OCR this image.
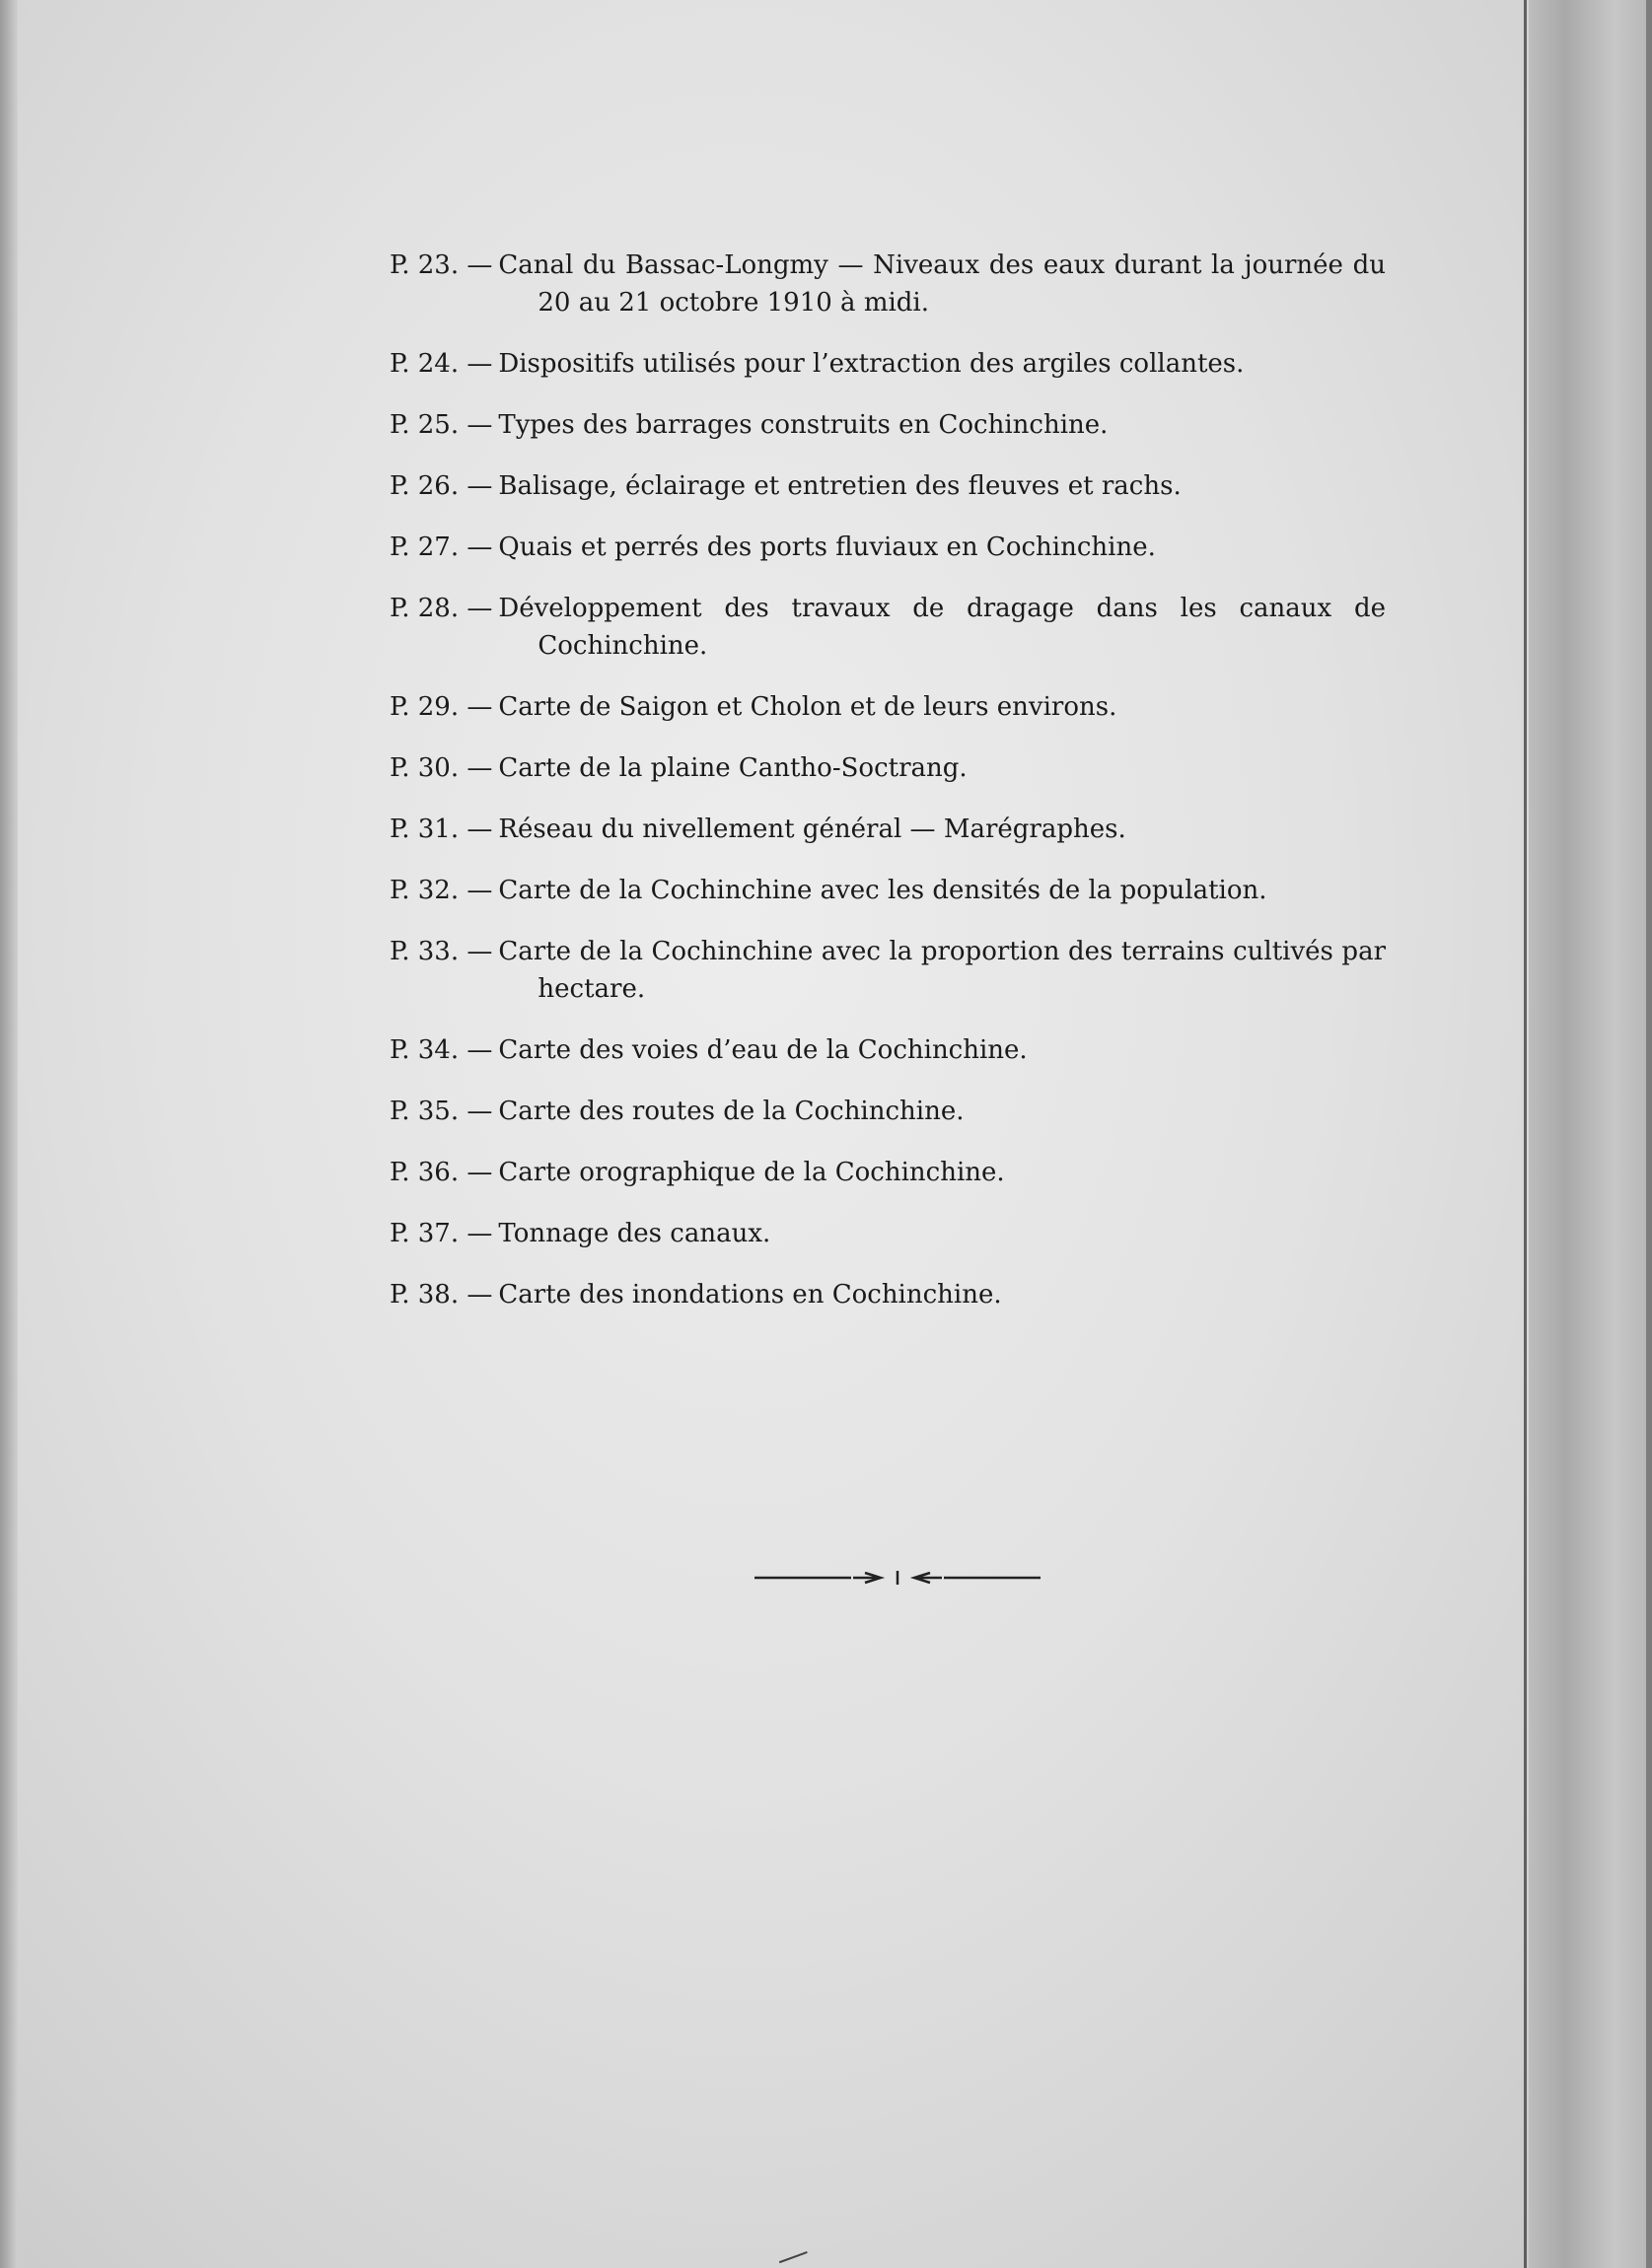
P. 23. — Canal du Bassac-Longmy — Niveaux des eaux durant la journée du
20 au 21 octobre 1910 à midi.
P. 24. — Dispositifs utilisés pour l’extraction des argiles collantes.
P. 25. — Types des barrages construits en Cochinchine.
P. 26. — Balisage, éclairage et entretien des fleuves et rachs.
P. 27. — Quais et perrés des ports fluviaux en Cochinchine.
P. 28. — Développement des travaux de dragage dans les canaux de
Cochinchine.
P. 29. — Carte de Saigon et Cholon et de leurs environs.
P. 30. — Carte de la plaine Cantho-Soctrang.
P. 31. — Réseau du nivellement général — Marégraphes.
P. 32. — Carte de la Cochinchine avec les densités de la population.
P. 33. — Carte de la Cochinchine avec la proportion des terrains cultivés par
hectare.
P. 34. — Carte des voies d’eau de la Cochinchine.
P. 35. — Carte des routes de la Cochinchine.
P. 36. — Carte orographique de la Cochinchine.
P. 37. — Tonnage des canaux.
P. 38. — Carte des inondations en Cochinchine.
